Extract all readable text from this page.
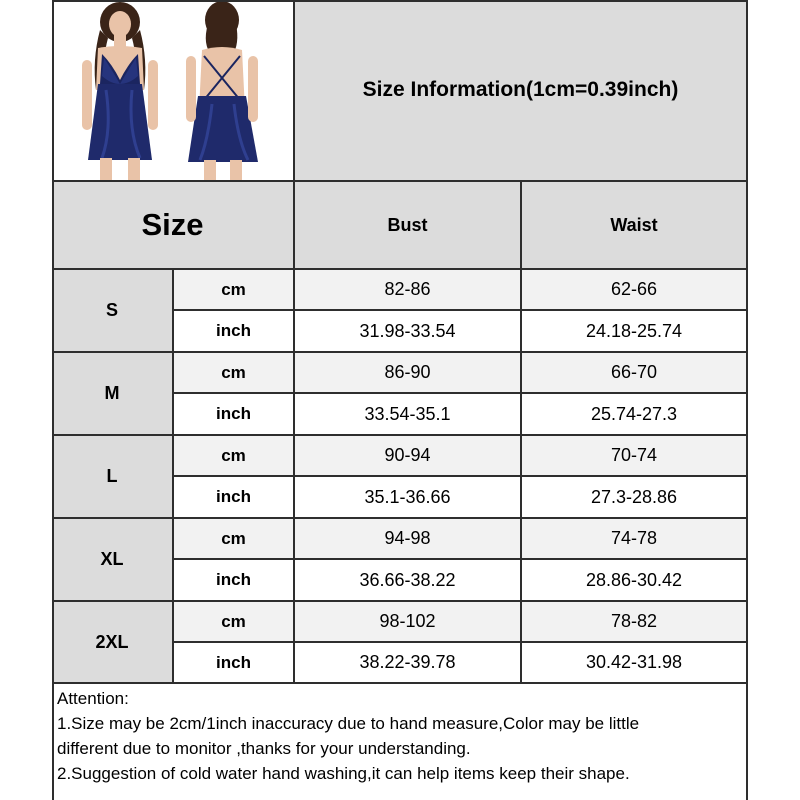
Size Information(1cm=0.39inch)
Size	Bust	Waist
S
cm	82-86	62-66
inch	31.98-33.54	24.18-25.74
M
cm	86-90	66-70
inch	33.54-35.1	25.74-27.3
L
cm	90-94	70-74
inch	35.1-36.66	27.3-28.86
XL
cm	94-98	74-78
inch	36.66-38.22	28.86-30.42
2XL
cm	98-102	78-82
inch	38.22-39.78	30.42-31.98
Attention:
1.Size may be 2cm/1inch inaccuracy due to hand measure,Color may be little
different due to monitor ,thanks for your understanding.
2.Suggestion of cold water hand washing,it can help items keep their shape.
